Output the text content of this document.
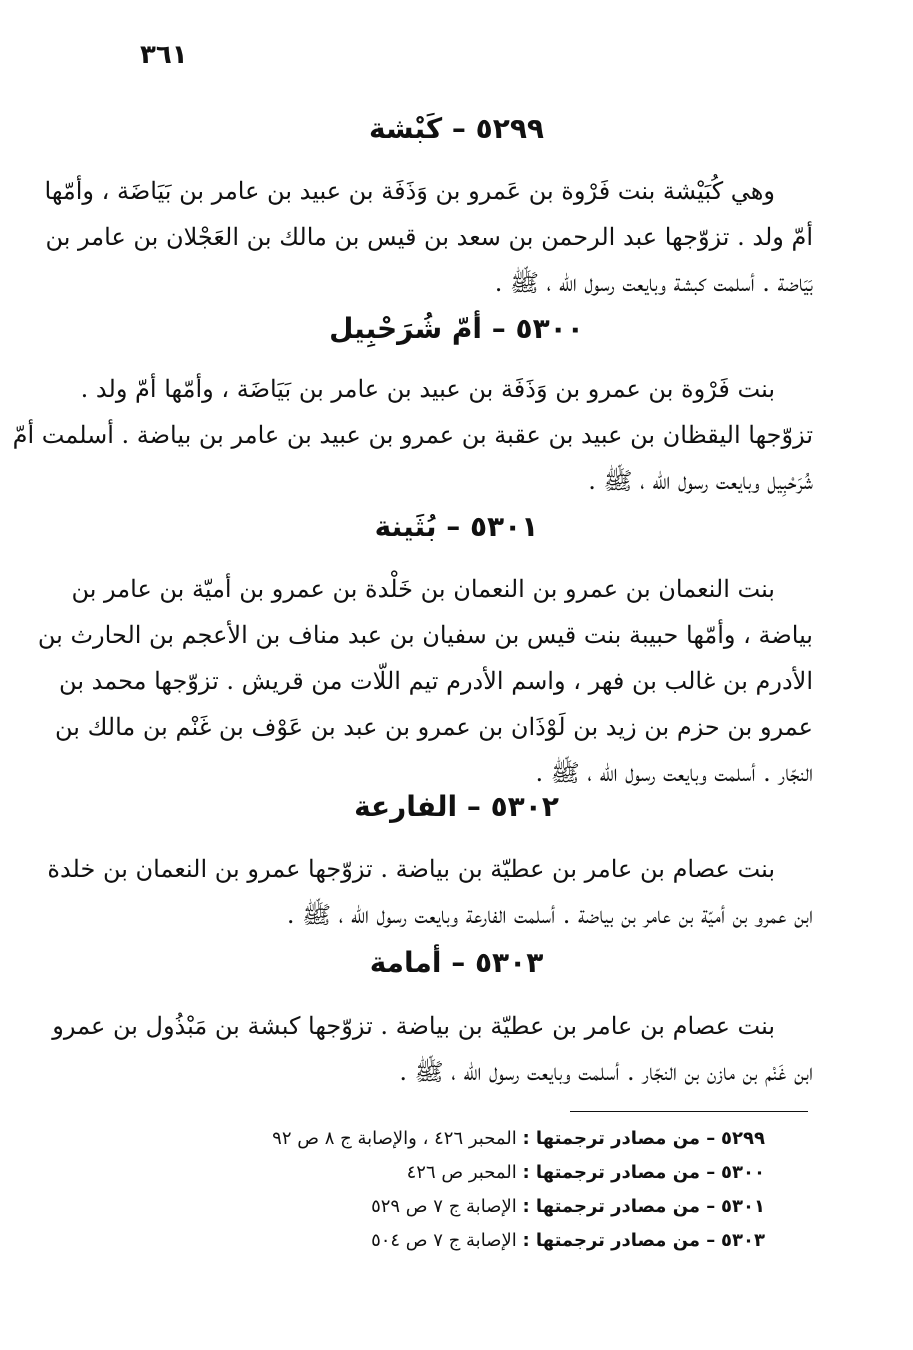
٣٦١
٥٢٩٩ – كَبْشة
وهي كُبَيْشة بنت فَرْوة بن عَمرو بن وَذَفَة بن عبيد بن عامر بن بَيَاضَة ، وأمّها
أمّ ولد . تزوّجها عبد الرحمن بن سعد بن قيس بن مالك بن العَجْلان بن عامر بن
بَيَاضة . أسلمت كبشة وبايعت رسول الله ، ﷺ .
٥٣٠٠ – أمّ شُرَحْبِيل
بنت فَرْوة بن عمرو بن وَذَفَة بن عبيد بن عامر بن بَيَاضَة ، وأمّها أمّ ولد .
تزوّجها اليقظان بن عبيد بن عقبة بن عمرو بن عبيد بن عامر بن بياضة . أسلمت أمّ
شُرَحْبِيل وبايعت رسول الله ، ﷺ .
٥٣٠١ – بُثَينة
بنت النعمان بن عمرو بن النعمان بن خَلْدة بن عمرو بن أميّة بن عامر بن
بياضة ، وأمّها حبيبة بنت قيس بن سفيان بن عبد مناف بن الأعجم بن الحارث بن
الأدرم بن غالب بن فهر ، واسم الأدرم تيم اللّات من قريش . تزوّجها محمد بن
عمرو بن حزم بن زيد بن لَوْذَان بن عمرو بن عبد بن عَوْف بن غَنْم بن مالك بن
النجّار . أسلمت وبايعت رسول الله ، ﷺ .
٥٣٠٢ – الفارعة
بنت عصام بن عامر بن عطيّة بن بياضة . تزوّجها عمرو بن النعمان بن خلدة
ابن عمرو بن أميّة بن عامر بن بياضة . أسلمت الفارعة وبايعت رسول الله ، ﷺ .
٥٣٠٣ – أمامة
بنت عصام بن عامر بن عطيّة بن بياضة . تزوّجها كبشة بن مَبْذُول بن عمرو
ابن غَنْم بن مازن بن النجّار . أسلمت وبايعت رسول الله ، ﷺ .
٥٢٩٩ – من مصادر ترجمتها : المحبر ٤٢٦ ، والإصابة ج ٨ ص ٩٢
٥٣٠٠ – من مصادر ترجمتها : المحبر ص ٤٢٦
٥٣٠١ – من مصادر ترجمتها : الإصابة ج ٧ ص ٥٢٩
٥٣٠٣ – من مصادر ترجمتها : الإصابة ج ٧ ص ٥٠٤
